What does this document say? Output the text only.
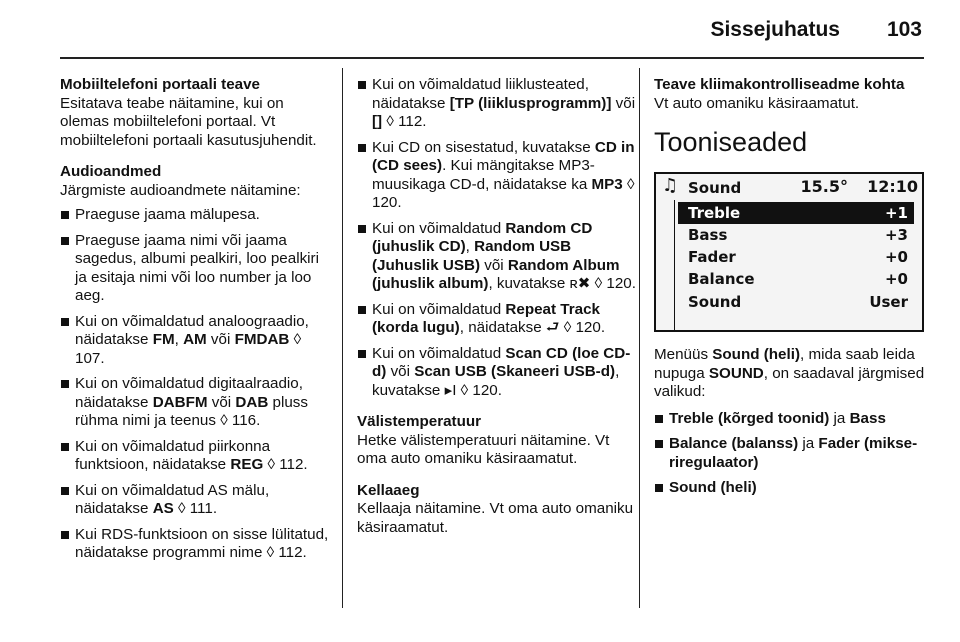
Sissejuhatus 103
Mobiiltelefoni portaali teave

Esitatava teabe näitamine, kui on olemas mobiiltelefoni portaal. Vt mobiiltelefoni portaali kasutusjuhendit.

Audioandmed
Järgmiste audioandmete näitamine:
Praeguse jaama mälupesa.
Praeguse jaama nimi või jaama sagedus, albumi pealkiri, loo pealkiri ja esitaja nimi või loo number ja loo aeg.
Kui on võimaldatud analoograadio, näidatakse FM, AM või FMDAB ◊ 107.
Kui on võimaldatud digitaalraadio, näidatakse DABFM või DAB pluss rühma nimi ja teenus ◊ 116.
Kui on võimaldatud piirkonna funktsioon, näidatakse REG ◊ 112.
Kui on võimaldatud AS mälu, näidatakse AS ◊ 111.
Kui RDS-funktsioon on sisse lülitatud, näidatakse programmi nime ◊ 112.
Kui on võimaldatud liiklusteated, näidatakse [TP (liiklusprogramm)] või [] ◊ 112.
Kui CD on sisestatud, kuvatakse CD in (CD sees). Kui mängitakse MP3-muusikaga CD-d, näidatakse ka MP3 ◊ 120.
Kui on võimaldatud Random CD (juhuslik CD), Random USB (Juhuslik USB) või Random Album (juhuslik album), kuvatakse ʀ✖ ◊ 120.
Kui on võimaldatud Repeat Track (korda lugu), näidatakse ⮐ ◊ 120.
Kui on võimaldatud Scan CD (loe CD-d) või Scan USB (Skaneeri USB-d), kuvatakse ▸I ◊ 120.
Välistemperatuur

Hetke välistemperatuuri näitamine. Vt oma auto omaniku käsiraamatut.

Kellaaeg

Kellaaja näitamine. Vt oma auto omaniku käsiraamatut.

Teave kliimakontrolliseadme kohta

Vt auto omaniku käsiraamatut.

Tooniseaded
♫ Sound	15.5° 12:10
Treble	+1
Bass	+3
Fader	+0
Balance	+0
Sound	User

Menüüs Sound (heli), mida saab leida nupuga SOUND, on saadaval järgmised valikud:

Treble (kõrged toonid) ja Bass
Balance (balanss) ja Fader (mikse-riregulaator)
Sound (heli)
